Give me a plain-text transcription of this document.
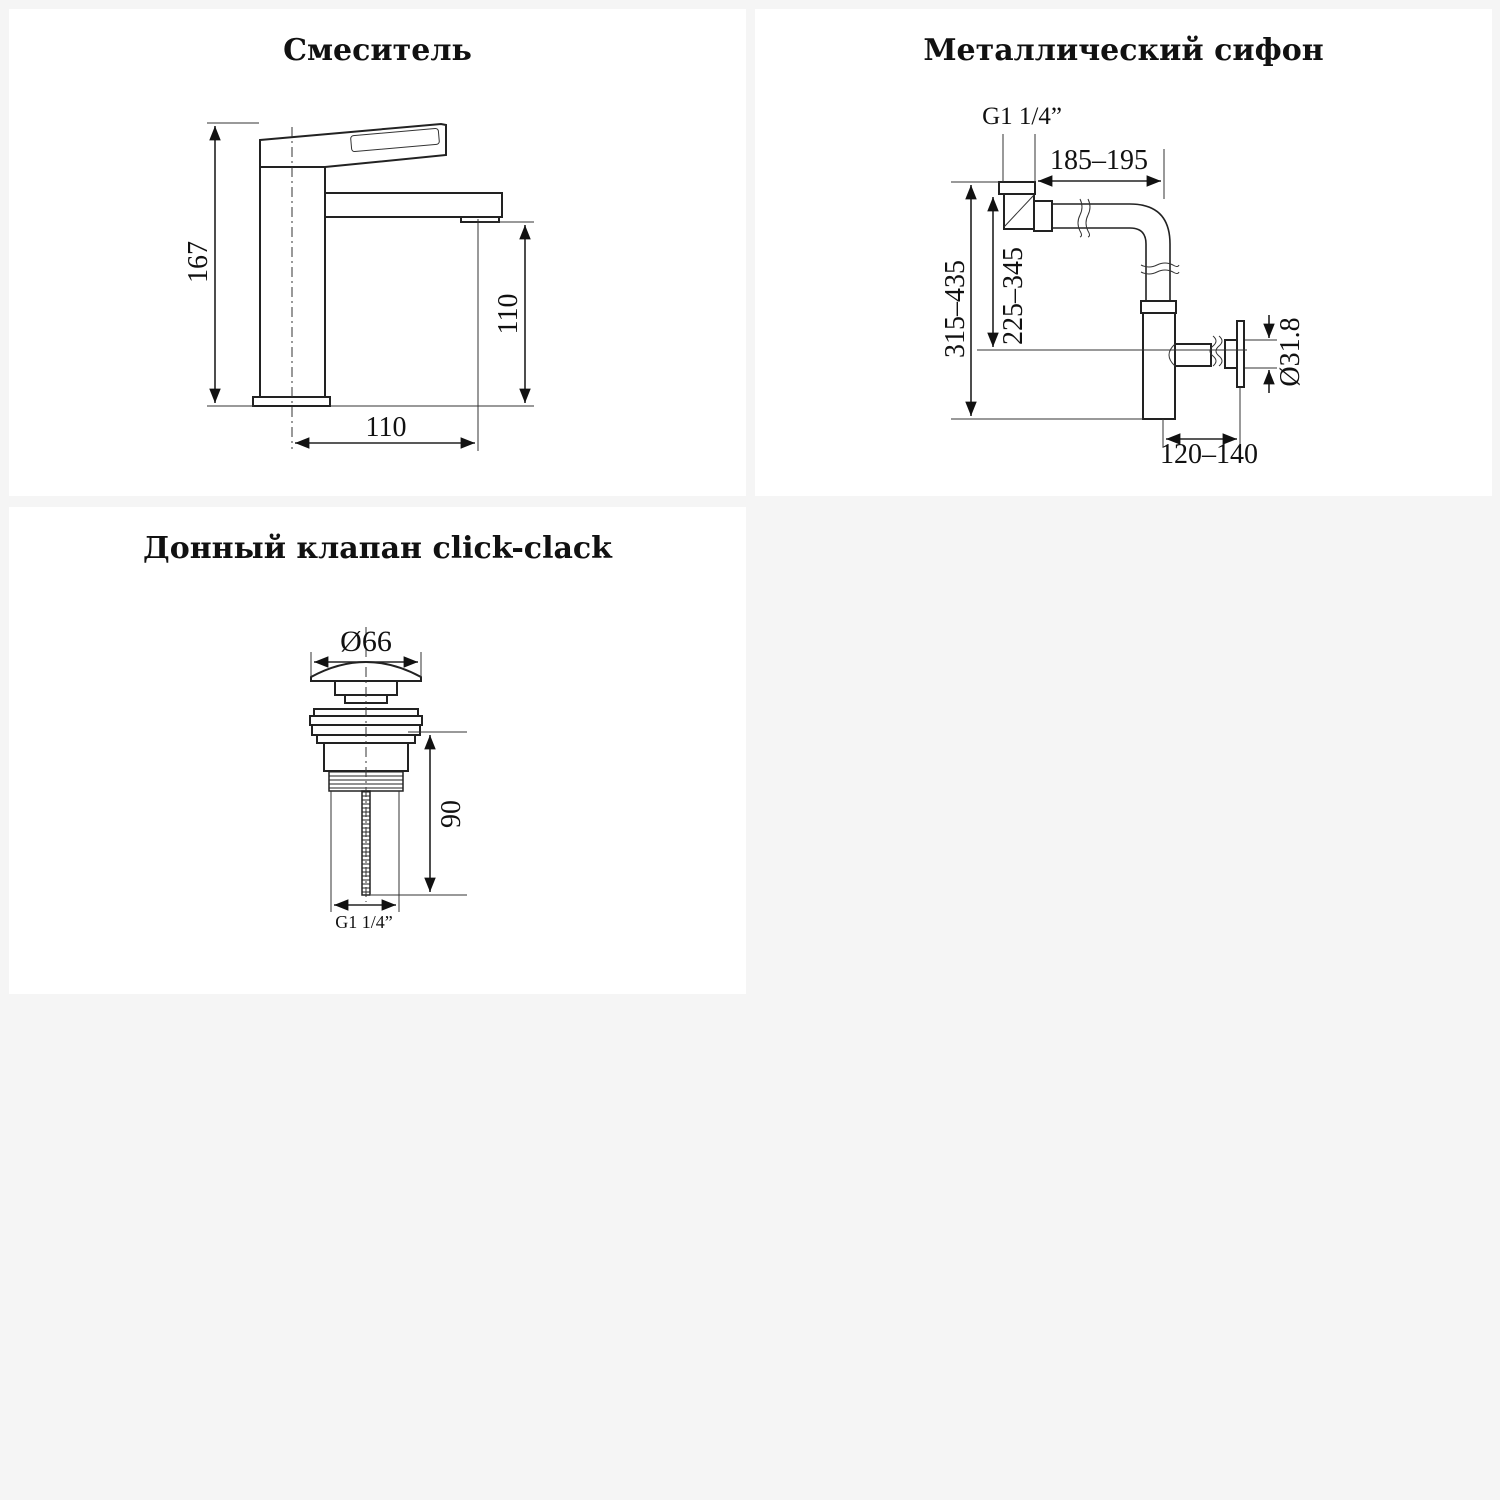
Смеситель
167
110
110
Металлический сифон
G1 1/4”
185–195
315–435 225–345
Ø31.8
120–140
Донный клапан click-clack
Ø66
90
G1 1/4”
